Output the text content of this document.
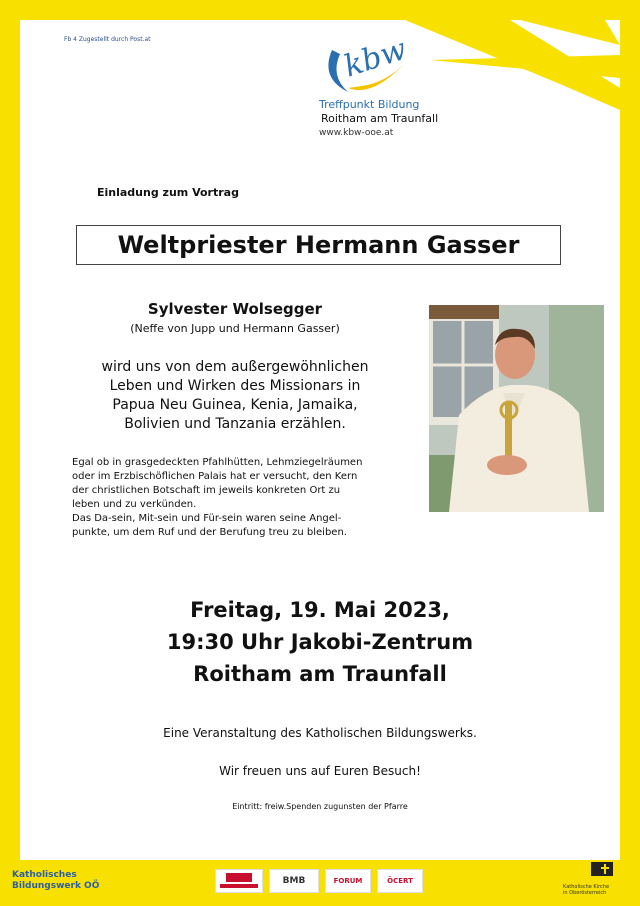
Fb 4 Zugestellt durch Post.at	kbw
Treffpunkt Bildung
Roitham am Traunfall
www.kbw-ooe.at
Einladung zum Vortrag
Weltpriester Hermann Gasser
Sylvester Wolsegger
(Neffe von Jupp und Hermann Gasser)
wird uns von dem außergewöhnlichen
Leben und Wirken des Missionars in
Papua Neu Guinea, Kenia, Jamaika,
Bolivien und Tanzania erzählen.
Egal ob in grasgedeckten Pfahlhütten, Lehmziegelräumen
oder im Erzbischöflichen Palais hat er versucht, den Kern
der christlichen Botschaft im jeweils konkreten Ort zu
leben und zu verkünden.
Das Da-sein, Mit-sein und Für-sein waren seine Angel-
punkte, um dem Ruf und der Berufung treu zu bleiben.
Freitag, 19. Mai 2023,
19:30 Uhr Jakobi-Zentrum
Roitham am Traunfall
Eine Veranstaltung des Katholischen Bildungswerks.
Wir freuen uns auf Euren Besuch!
Eintritt: freiw.Spenden zugunsten der Pfarre
Katholisches
Bildungswerk OÖ	BMB	FORUM	ÖCERT
Katholische Kirche
in Oberösterreich
